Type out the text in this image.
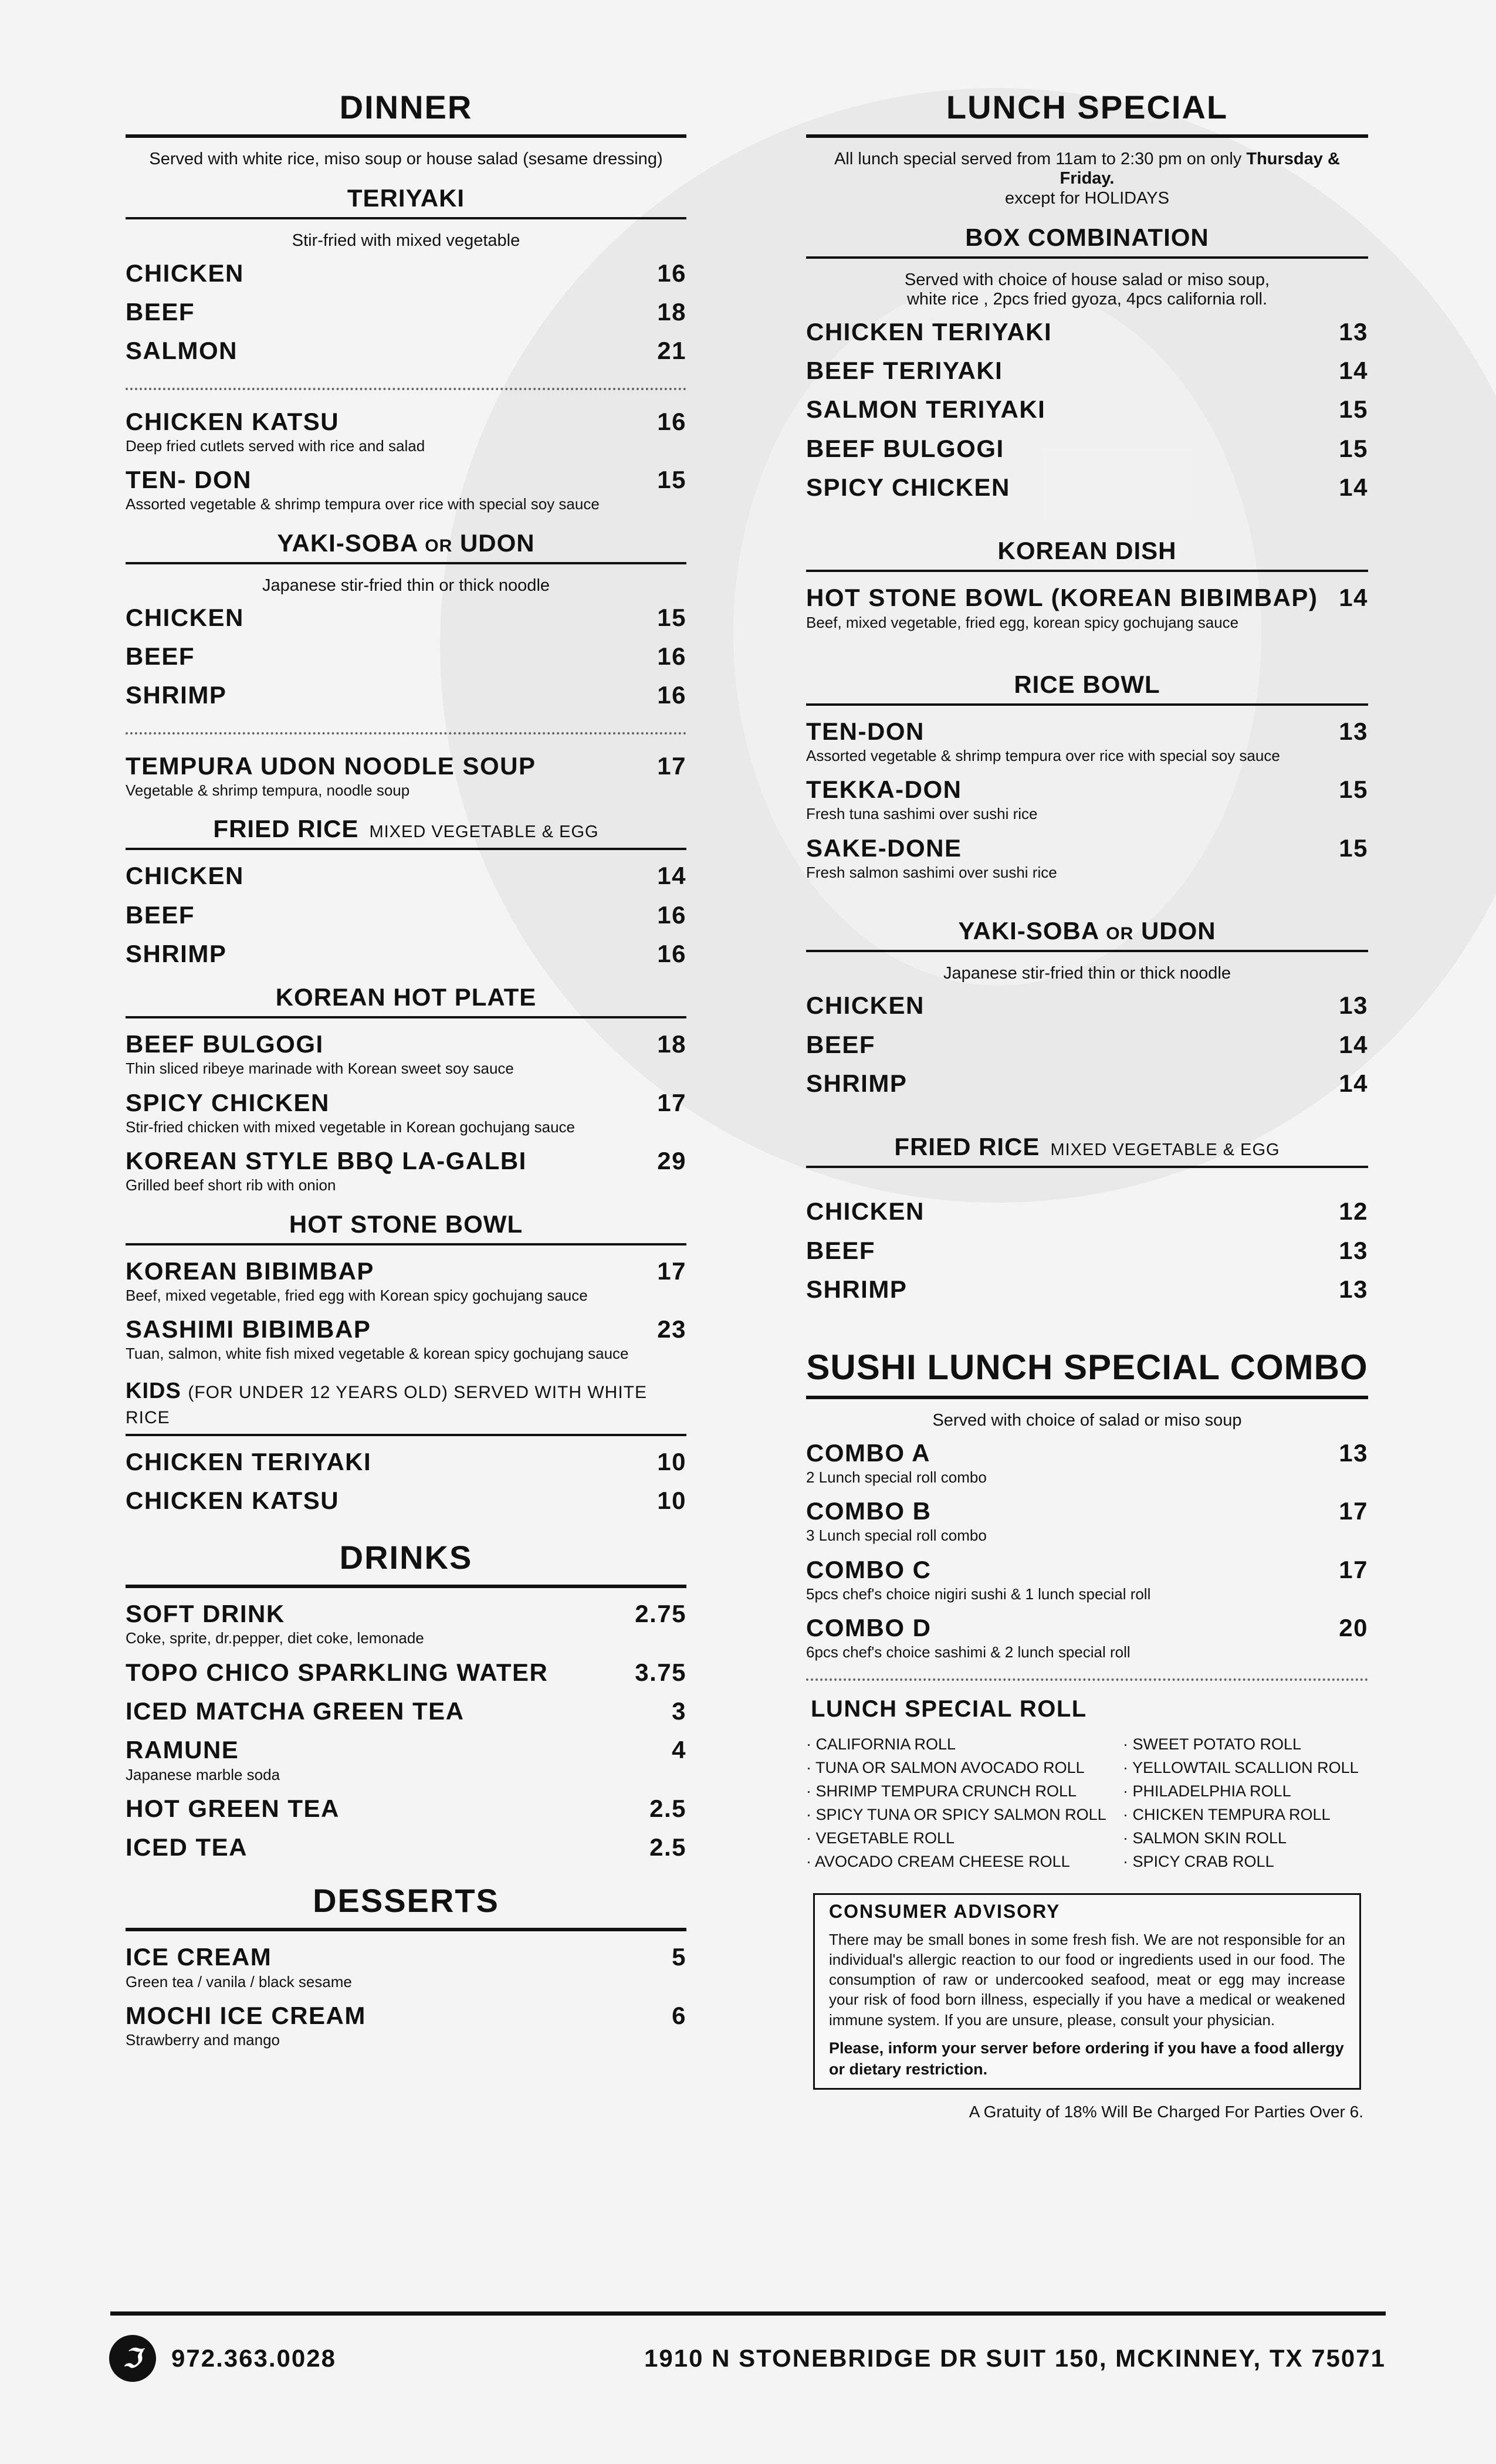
DINNER
Served with white rice, miso soup or house salad (sesame dressing)
TERIYAKI
Stir-fried with mixed vegetable
CHICKEN	16
BEEF	18
SALMON	21
CHICKEN KATSU	16
Deep fried cutlets served with rice and salad
TEN- DON	15
Assorted vegetable & shrimp tempura over rice with special soy sauce
YAKI-SOBA OR UDON
Japanese stir-fried thin or thick noodle
CHICKEN	15
BEEF	16
SHRIMP	16
TEMPURA UDON NOODLE SOUP	17
Vegetable & shrimp tempura, noodle soup
FRIED RICE MIXED VEGETABLE & EGG
CHICKEN	14
BEEF	16
SHRIMP	16
KOREAN HOT PLATE
BEEF BULGOGI	18
Thin sliced ribeye marinade with Korean sweet soy sauce
SPICY CHICKEN	17
Stir-fried chicken with mixed vegetable in Korean gochujang sauce
KOREAN STYLE BBQ LA-GALBI	29
Grilled beef short rib with onion
HOT STONE BOWL
KOREAN BIBIMBAP	17
Beef, mixed vegetable, fried egg with Korean spicy gochujang sauce
SASHIMI BIBIMBAP	23
Tuan, salmon, white fish mixed vegetable & korean spicy gochujang sauce
KIDS (FOR UNDER 12 YEARS OLD) SERVED WITH WHITE RICE
CHICKEN TERIYAKI	10
CHICKEN KATSU	10
DRINKS
SOFT DRINK	2.75
Coke, sprite, dr.pepper, diet coke, lemonade
TOPO CHICO SPARKLING WATER	3.75
ICED MATCHA GREEN TEA	3
RAMUNE	4
Japanese marble soda
HOT GREEN TEA	2.5
ICED TEA	2.5
DESSERTS
ICE CREAM	5
Green tea / vanila / black sesame
MOCHI ICE CREAM	6
Strawberry and mango
LUNCH SPECIAL
All lunch special served from 11am to 2:30 pm on only Thursday & Friday.
except for HOLIDAYS
BOX COMBINATION
Served with choice of house salad or miso soup,
white rice , 2pcs fried gyoza, 4pcs california roll.
CHICKEN TERIYAKI	13
BEEF TERIYAKI	14
SALMON TERIYAKI	15
BEEF BULGOGI	15
SPICY CHICKEN	14
KOREAN DISH
HOT STONE BOWL (KOREAN BIBIMBAP) 14
Beef, mixed vegetable, fried egg, korean spicy gochujang sauce
RICE BOWL
TEN-DON	13
Assorted vegetable & shrimp tempura over rice with special soy sauce
TEKKA-DON	15
Fresh tuna sashimi over sushi rice
SAKE-DONE	15
Fresh salmon sashimi over sushi rice
YAKI-SOBA OR UDON
Japanese stir-fried thin or thick noodle
CHICKEN	13
BEEF	14
SHRIMP	14
FRIED RICE MIXED VEGETABLE & EGG
CHICKEN	12
BEEF	13
SHRIMP	13
SUSHI LUNCH SPECIAL COMBO
Served with choice of salad or miso soup
COMBO A	13
2 Lunch special roll combo
COMBO B	17
3 Lunch special roll combo
COMBO C	17
5pcs chef's choice nigiri sushi & 1 lunch special roll
COMBO D	20
6pcs chef's choice sashimi & 2 lunch special roll
LUNCH SPECIAL ROLL
· CALIFORNIA ROLL	· SWEET POTATO ROLL
· TUNA OR SALMON AVOCADO ROLL	· YELLOWTAIL SCALLION ROLL
· SHRIMP TEMPURA CRUNCH ROLL	· PHILADELPHIA ROLL
· SPICY TUNA OR SPICY SALMON ROLL	· CHICKEN TEMPURA ROLL
· VEGETABLE ROLL	· SALMON SKIN ROLL
· AVOCADO CREAM CHEESE ROLL	· SPICY CRAB ROLL
CONSUMER ADVISORY
There may be small bones in some fresh fish. We are not responsible for an individual's allergic reaction to our food or ingredients used in our food. The consumption of raw or undercooked seafood, meat or egg may increase your risk of food born illness, especially if you have a medical or weakened immune system. If you are unsure, please, consult your physician.
Please, inform your server before ordering if you have a food allergy or dietary restriction.
A Gratuity of 18% Will Be Charged For Parties Over 6.
ℑ	972.363.0028	1910 N STONEBRIDGE DR SUIT 150, MCKINNEY, TX 75071
